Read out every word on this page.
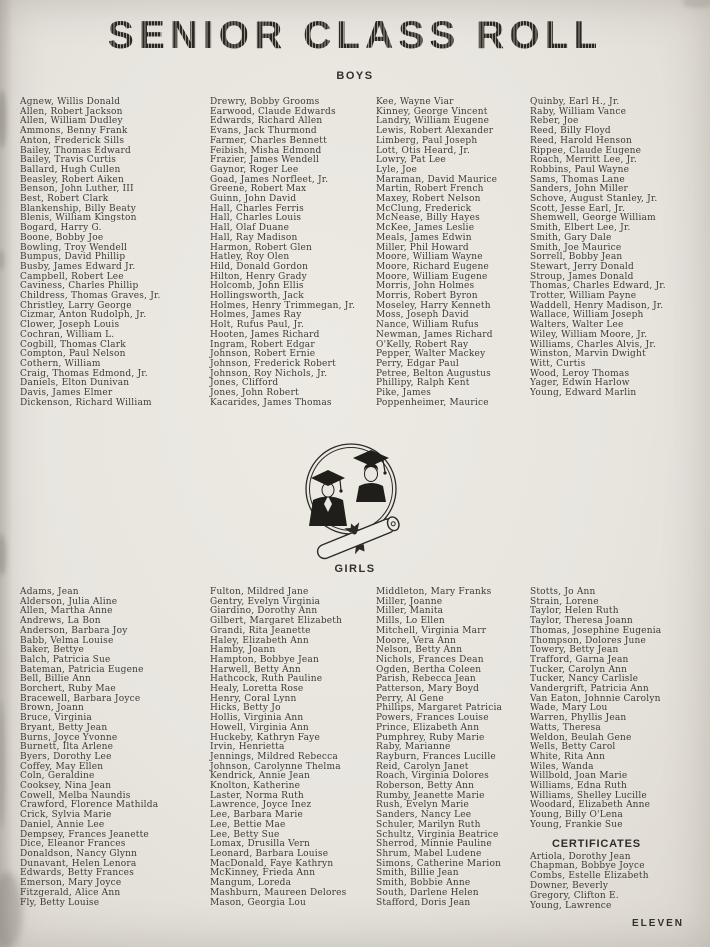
SENIOR CLASS ROLL
BOYS
Agnew, Willis Donald
Allen, Robert Jackson
Allen, William Dudley
Ammons, Benny Frank
Anton, Frederick Sills
Bailey, Thomas Edward
Bailey, Travis Curtis
Ballard, Hugh Cullen
Beasley, Robert Aiken
Benson, John Luther, III
Best, Robert Clark
Blankenship, Billy Beaty
Blenis, William Kingston
Bogard, Harry G.
Boone, Bobby Joe
Bowling, Troy Wendell
Bumpus, David Phillip
Busby, James Edward Jr.
Campbell, Robert Lee
Caviness, Charles Phillip
Childress, Thomas Graves, Jr.
Christley, Larry George
Cizmar, Anton Rudolph, Jr.
Clower, Joseph Louis
Cochran, William L.
Cogbill, Thomas Clark
Compton, Paul Nelson
Cothern, William
Craig, Thomas Edmond, Jr.
Daniels, Elton Dunivan
Davis, James Elmer
Dickenson, Richard William
Drewry, Bobby Grooms
Earwood, Claude Edwards
Edwards, Richard Allen
Evans, Jack Thurmond
Farmer, Charles Bennett
Feibish, Misha Edmond
Frazier, James Wendell
Gaynor, Roger Lee
Goad, James Norfleet, Jr.
Greene, Robert Max
Guinn, John David
Hall, Charles Ferris
Hall, Charles Louis
Hall, Olaf Duane
Hall, Ray Madison
Harmon, Robert Glen
Hatley, Roy Olen
Hild, Donald Gordon
Hilton, Henry Grady
Holcomb, John Ellis
Hollingsworth, Jack
Holmes, Henry Trimmegan, Jr.
Holmes, James Ray
Holt, Rufus Paul, Jr.
Hooten, James Richard
Ingram, Robert Edgar
Johnson, Robert Ernie
Johnson, Frederick Robert
Johnson, Roy Nichols, Jr.
Jones, Clifford
Jones, John Robert
Kacarides, James Thomas
Kee, Wayne Viar
Kinney, George Vincent
Landry, William Eugene
Lewis, Robert Alexander
Limberg, Paul Joseph
Lott, Otis Heard, Jr.
Lowry, Pat Lee
Lyle, Joe
Maraman, David Maurice
Martin, Robert French
Maxey, Robert Nelson
McClung, Frederick
McNease, Billy Hayes
McKee, James Leslie
Meals, James Edwin
Miller, Phil Howard
Moore, William Wayne
Moore, Richard Eugene
Moore, William Eugene
Morris, John Holmes
Morris, Robert Byron
Moseley, Harry Kenneth
Moss, Joseph David
Nance, William Rufus
Newman, James Richard
O'Kelly, Robert Ray
Pepper, Walter Mackey
Perry, Edgar Paul
Petree, Belton Augustus
Phillipy, Ralph Kent
Pike, James
Poppenheimer, Maurice
Quinby, Earl H., Jr.
Raby, William Vance
Reber, Joe
Reed, Billy Floyd
Reed, Harold Henson
Rippee, Claude Eugene
Roach, Merritt Lee, Jr.
Robbins, Paul Wayne
Sams, Thomas Lane
Sanders, John Miller
Schove, August Stanley, Jr.
Scott, Jesse Earl, Jr.
Shemwell, George William
Smith, Elbert Lee, Jr.
Smith, Gary Dale
Smith, Joe Maurice
Sorrell, Bobby Jean
Stewart, Jerry Donald
Stroup, James Donald
Thomas, Charles Edward, Jr.
Trotter, William Payne
Waddell, Henry Madison, Jr.
Wallace, William Joseph
Walters, Walter Lee
Wiley, William Moore, Jr.
Williams, Charles Alvis, Jr.
Winston, Marvin Dwight
Witt, Curtis
Wood, Leroy Thomas
Yager, Edwin Harlow
Young, Edward Marlin
GIRLS
Adams, Jean
Alderson, Julia Aline
Allen, Martha Anne
Andrews, La Bon
Anderson, Barbara Joy
Babb, Velma Louise
Baker, Bettye
Balch, Patricia Sue
Bateman, Patricia Eugene
Bell, Billie Ann
Borchert, Ruby Mae
Bracewell, Barbara Joyce
Brown, Joann
Bruce, Virginia
Bryant, Betty Jean
Burns, Joyce Yvonne
Burnett, Ilta Arlene
Byers, Dorothy Lee
Coffey, May Ellen
Coln, Geraldine
Cooksey, Nina Jean
Cowell, Melba Naundis
Crawford, Florence Mathilda
Crick, Sylvia Marie
Daniel, Annie Lee
Dempsey, Frances Jeanette
Dice, Eleanor Frances
Donaldson, Nancy Glynn
Dunavant, Helen Lenora
Edwards, Betty Frances
Emerson, Mary Joyce
Fitzgerald, Alice Ann
Fly, Betty Louise
Fulton, Mildred Jane
Gentry, Evelyn Virginia
Giardino, Dorothy Ann
Gilbert, Margaret Elizabeth
Grandi, Rita Jeanette
Haley, Elizabeth Ann
Hamby, Joann
Hampton, Bobbye Jean
Harwell, Betty Ann
Hathcock, Ruth Pauline
Healy, Loretta Rose
Henry, Coral Lynn
Hicks, Betty Jo
Hollis, Virginia Ann
Howell, Virginia Ann
Huckeby, Kathryn Faye
Irvin, Henrietta
Jennings, Mildred Rebecca
Johnson, Carolynne Thelma
Kendrick, Annie Jean
Knolton, Katherine
Laster, Norma Ruth
Lawrence, Joyce Inez
Lee, Barbara Marie
Lee, Bettie Mae
Lee, Betty Sue
Lomax, Drusilla Vern
Leonard, Barbara Louise
MacDonald, Faye Kathryn
McKinney, Frieda Ann
Mangum, Loreda
Mashburn, Maureen Delores
Mason, Georgia Lou
Middleton, Mary Franks
Miller, Joanne
Miller, Manita
Mills, Lo Ellen
Mitchell, Virginia Marr
Moore, Vera Ann
Nelson, Betty Ann
Nichols, Frances Dean
Ogden, Bertha Coleen
Parish, Rebecca Jean
Patterson, Mary Boyd
Perry, Al Gene
Phillips, Margaret Patricia
Powers, Frances Louise
Prince, Elizabeth Ann
Pumphrey, Ruby Marie
Raby, Marianne
Rayburn, Frances Lucille
Reid, Carolyn Janet
Roach, Virginia Dolores
Roberson, Betty Ann
Rumby, Jeanette Marie
Rush, Evelyn Marie
Sanders, Nancy Lee
Schuler, Marilyn Ruth
Schultz, Virginia Beatrice
Sherrod, Minnie Pauline
Shrum, Mabel Ludene
Simons, Catherine Marion
Smith, Billie Jean
Smith, Bobbie Anne
South, Darlene Helen
Stafford, Doris Jean
Stotts, Jo Ann
Strain, Lorene
Taylor, Helen Ruth
Taylor, Theresa Joann
Thomas, Josephine Eugenia
Thompson, Dolores June
Towery, Betty Jean
Trafford, Garna Jean
Tucker, Carolyn Ann
Tucker, Nancy Carlisle
Vandergrift, Patricia Ann
Van Eaton, Johnnie Carolyn
Wade, Mary Lou
Warren, Phyllis Jean
Watts, Theresa
Weldon, Beulah Gene
Wells, Betty Carol
White, Rita Ann
Wiles, Wanda
Willbold, Joan Marie
Williams, Edna Ruth
Williams, Shelley Lucille
Woodard, Elizabeth Anne
Young, Billy O'Lena
Young, Frankie Sue
CERTIFICATES
Artiola, Dorothy Jean
Chapman, Bobbye Joyce
Combs, Estelle Elizabeth
Downer, Beverly
Gregory, Clifton E.
Young, Lawrence
ELEVEN
